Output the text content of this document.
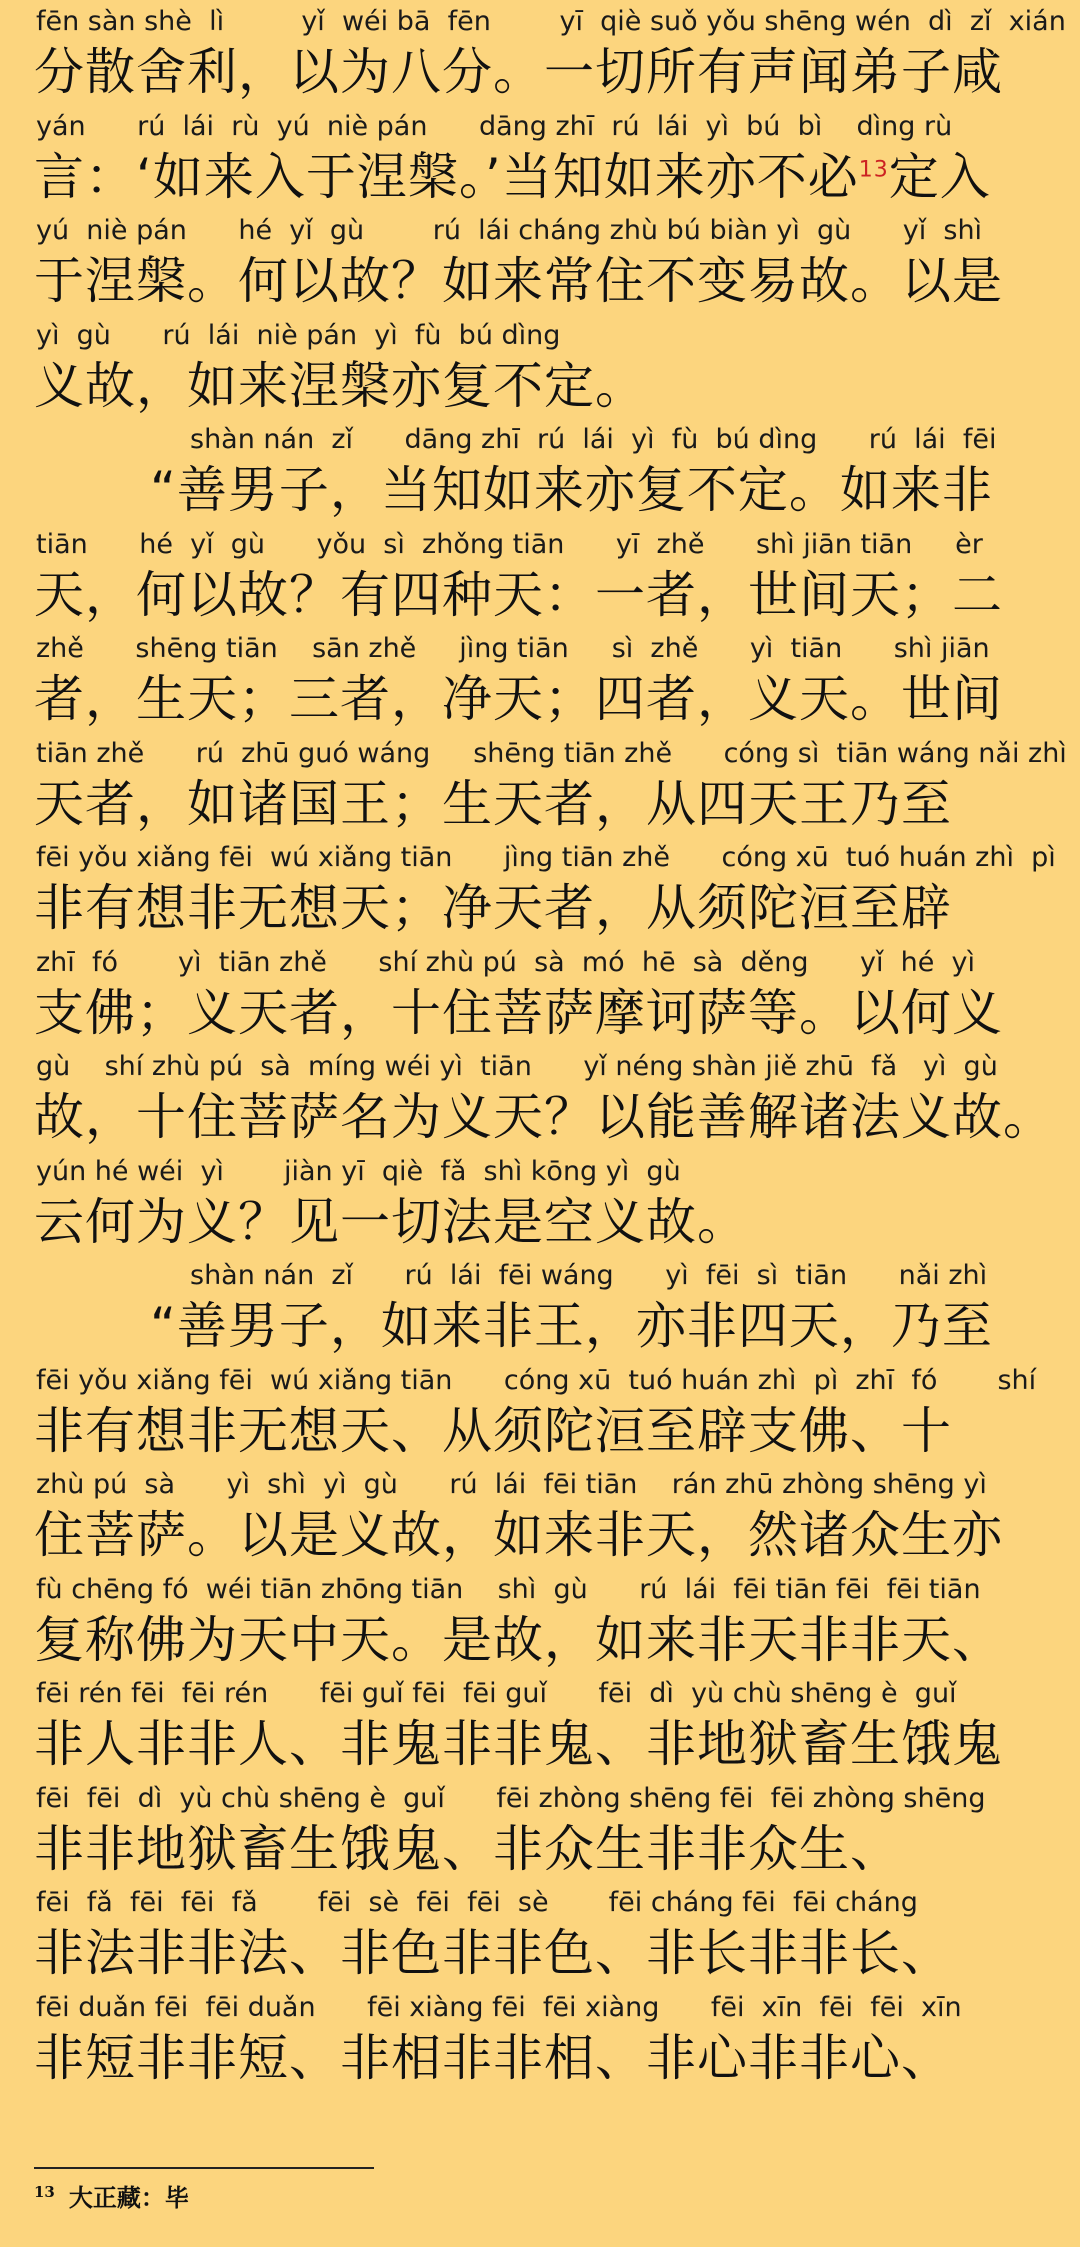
fēn sàn shè  lì         yǐ  wéi bā  fēn        yī  qiè suǒ yǒu shēng wén  dì  zǐ  xián
分散舍利，以为八分。一切所有声闻弟子咸
yán      rú  lái  rù  yú  niè pán      dāng zhī  rú  lái  yì  bú  bì    dìng rù
言：‘如来入于涅槃。’当知如来亦不必$^{13}$定入
yú  niè pán      hé  yǐ  gù        rú  lái cháng zhù bú biàn yì  gù      yǐ  shì
于涅槃。何以故？如来常住不变易故。以是
yì  gù      rú  lái  niè pán  yì  fù  bú dìng
义故，如来涅槃亦复不定。
shàn nán  zǐ      dāng zhī  rú  lái  yì  fù  bú dìng      rú  lái  fēi
“善男子，当知如来亦复不定。如来非
tiān      hé  yǐ  gù      yǒu  sì  zhǒng tiān      yī  zhě      shì jiān tiān     èr
天，何以故？有四种天：一者，世间天；二
zhě      shēng tiān    sān zhě     jìng tiān     sì  zhě      yì  tiān      shì jiān
者，生天；三者，净天；四者，义天。世间
tiān zhě      rú  zhū guó wáng     shēng tiān zhě      cóng sì  tiān wáng nǎi zhì
天者，如诸国王；生天者，从四天王乃至
fēi yǒu xiǎng fēi  wú xiǎng tiān      jìng tiān zhě      cóng xū  tuó huán zhì  pì
非有想非无想天；净天者，从须陀洹至辟
zhī  fó       yì  tiān zhě      shí zhù pú  sà  mó  hē  sà  děng      yǐ  hé  yì
支佛；义天者，十住菩萨摩诃萨等。以何义
gù    shí zhù pú  sà  míng wéi yì  tiān      yǐ néng shàn jiě zhū  fǎ   yì  gù
故，十住菩萨名为义天？以能善解诸法义故。
yún hé wéi  yì       jiàn yī  qiè  fǎ  shì kōng yì  gù
云何为义？见一切法是空义故。
shàn nán  zǐ      rú  lái  fēi wáng      yì  fēi  sì  tiān      nǎi zhì
“善男子，如来非王，亦非四天，乃至
fēi yǒu xiǎng fēi  wú xiǎng tiān      cóng xū  tuó huán zhì  pì  zhī  fó       shí
非有想非无想天、从须陀洹至辟支佛、十
zhù pú  sà      yì  shì  yì  gù      rú  lái  fēi tiān    rán zhū zhòng shēng yì
住菩萨。以是义故，如来非天，然诸众生亦
fù chēng fó  wéi tiān zhōng tiān    shì  gù      rú  lái  fēi tiān fēi  fēi tiān
复称佛为天中天。是故，如来非天非非天、
fēi rén fēi  fēi rén      fēi guǐ fēi  fēi guǐ      fēi  dì  yù chù shēng è  guǐ
非人非非人、非鬼非非鬼、非地狱畜生饿鬼
fēi  fēi  dì  yù chù shēng è  guǐ      fēi zhòng shēng fēi  fēi zhòng shēng
非非地狱畜生饿鬼、非众生非非众生、
fēi  fǎ  fēi  fēi  fǎ       fēi  sè  fēi  fēi  sè       fēi cháng fēi  fēi cháng
非法非非法、非色非非色、非长非非长、
fēi duǎn fēi  fēi duǎn      fēi xiàng fēi  fēi xiàng      fēi  xīn  fēi  fēi  xīn
非短非非短、非相非非相、非心非非心、
$^{13}$ 大正藏：毕
